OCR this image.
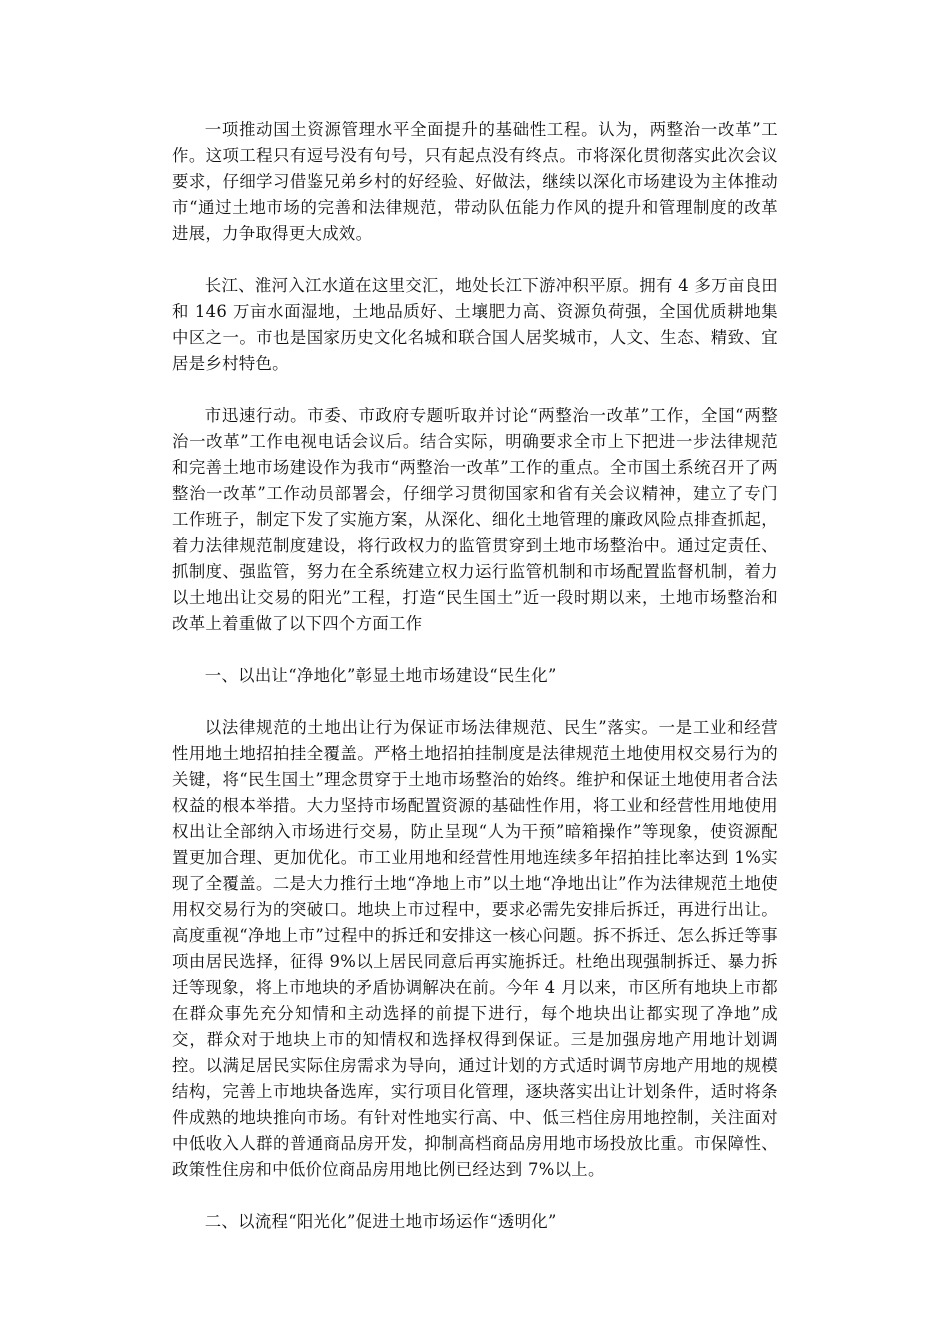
一项推动国土资源管理水平全面提升的基础性工程。认为，两整治一改革”工作。这项工程只有逗号没有句号，只有起点没有终点。市将深化贯彻落实此次会议要求，仔细学习借鉴兄弟乡村的好经验、好做法，继续以深化市场建设为主体推动市“通过土地市场的完善和法律规范，带动队伍能力作风的提升和管理制度的改革进展，力争取得更大成效。

长江、淮河入江水道在这里交汇，地处长江下游冲积平原。拥有 4 多万亩良田和 146 万亩水面湿地，土地品质好、土壤肥力高、资源负荷强，全国优质耕地集中区之一。市也是国家历史文化名城和联合国人居奖城市，人文、生态、精致、宜居是乡村特色。

市迅速行动。市委、市政府专题听取并讨论“两整治一改革”工作，全国“两整治一改革”工作电视电话会议后。结合实际，明确要求全市上下把进一步法律规范和完善土地市场建设作为我市“两整治一改革”工作的重点。全市国土系统召开了两整治一改革”工作动员部署会，仔细学习贯彻国家和省有关会议精神，建立了专门工作班子，制定下发了实施方案，从深化、细化土地管理的廉政风险点排查抓起，着力法律规范制度建设，将行政权力的监管贯穿到土地市场整治中。通过定责任、抓制度、强监管，努力在全系统建立权力运行监管机制和市场配置监督机制，着力以土地出让交易的阳光”工程，打造“民生国土”近一段时期以来，土地市场整治和改革上着重做了以下四个方面工作

一、以出让“净地化”彰显土地市场建设“民生化”

以法律规范的土地出让行为保证市场法律规范、民生”落实。一是工业和经营性用地土地招拍挂全覆盖。严格土地招拍挂制度是法律规范土地使用权交易行为的关键，将“民生国土”理念贯穿于土地市场整治的始终。维护和保证土地使用者合法权益的根本举措。大力坚持市场配置资源的基础性作用，将工业和经营性用地使用权出让全部纳入市场进行交易，防止呈现“人为干预”暗箱操作”等现象，使资源配置更加合理、更加优化。市工业用地和经营性用地连续多年招拍挂比率达到 1%实现了全覆盖。二是大力推行土地“净地上市”以土地“净地出让”作为法律规范土地使用权交易行为的突破口。地块上市过程中，要求必需先安排后拆迁，再进行出让。高度重视“净地上市”过程中的拆迁和安排这一核心问题。拆不拆迁、怎么拆迁等事项由居民选择，征得 9%以上居民同意后再实施拆迁。杜绝出现强制拆迁、暴力拆迁等现象，将上市地块的矛盾协调解决在前。今年 4 月以来，市区所有地块上市都在群众事先充分知情和主动选择的前提下进行，每个地块出让都实现了净地”成交，群众对于地块上市的知情权和选择权得到保证。三是加强房地产用地计划调控。以满足居民实际住房需求为导向，通过计划的方式适时调节房地产用地的规模结构，完善上市地块备选库，实行项目化管理，逐块落实出让计划条件，适时将条件成熟的地块推向市场。有针对性地实行高、中、低三档住房用地控制，关注面对中低收入人群的普通商品房开发，抑制高档商品房用地市场投放比重。市保障性、政策性住房和中低价位商品房用地比例已经达到 7%以上。

二、以流程“阳光化”促进土地市场运作“透明化”
